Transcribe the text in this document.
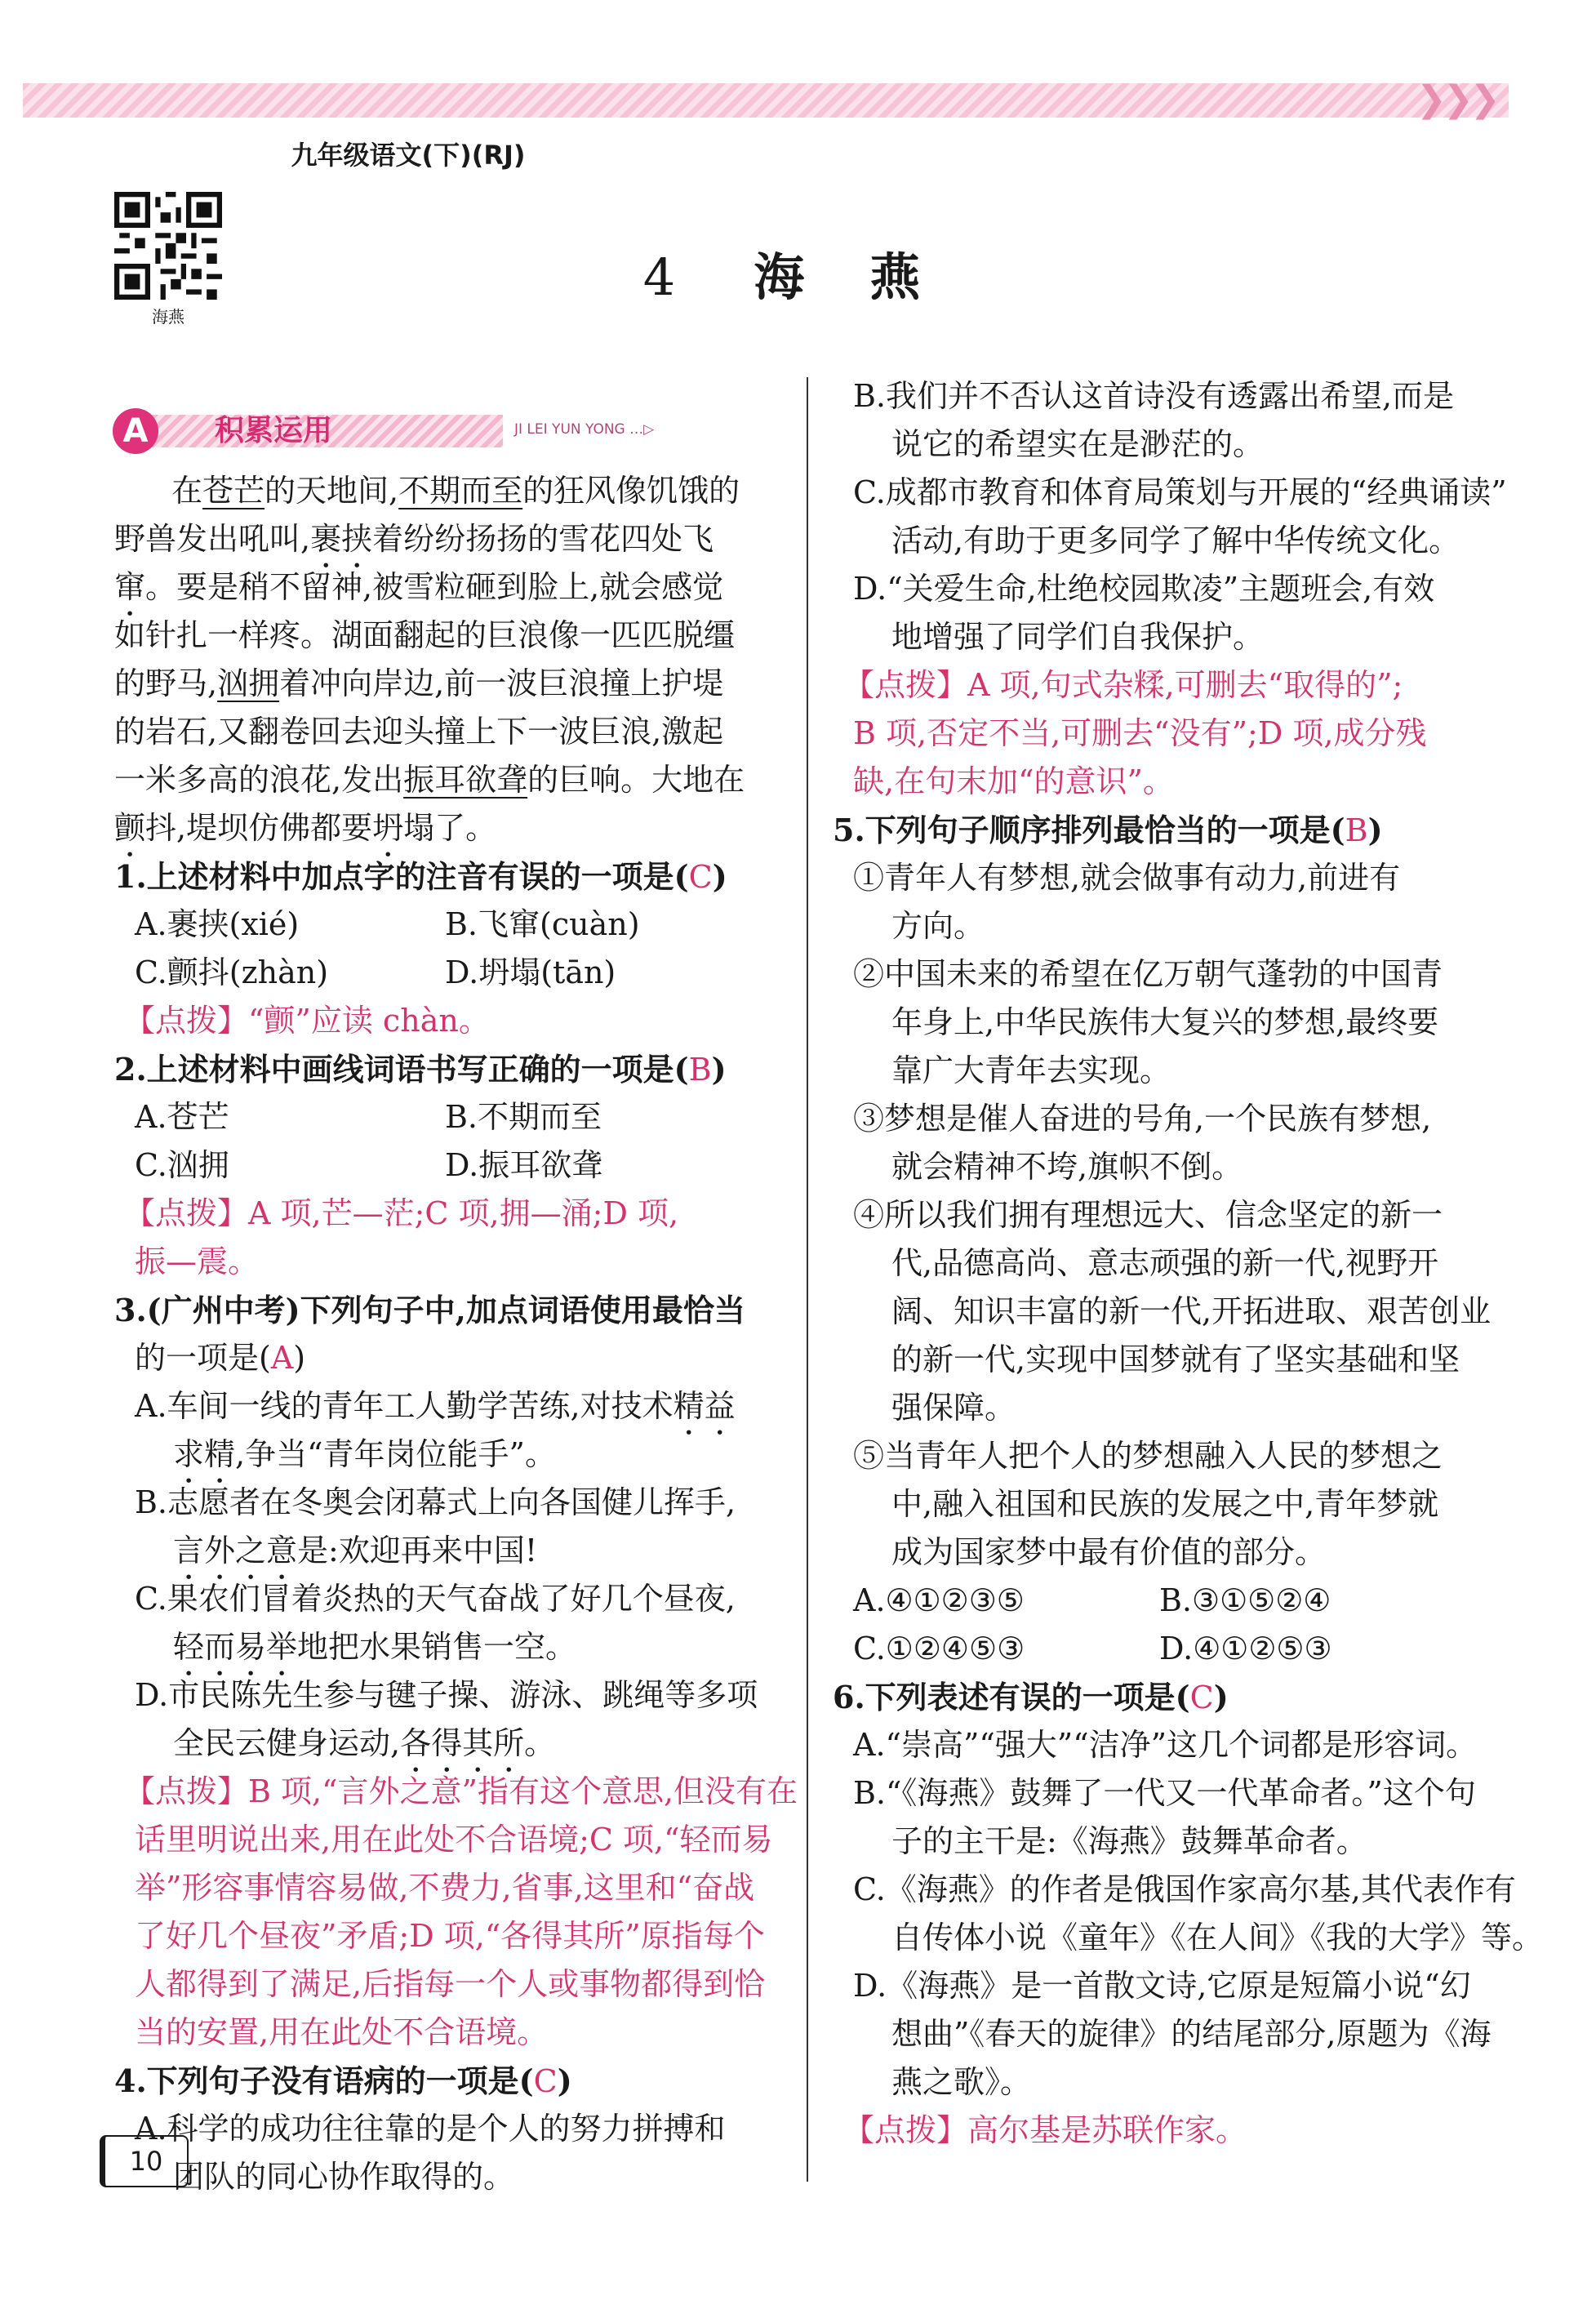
❯❯❯
九年级语文(下)(RJ)
海燕
4 海 燕
A	积累运用	JI LEI YUN YONG …▷
在苍芒的天地间,不期而至的狂风像饥饿的
野兽发出吼叫,裹挟着纷纷扬扬的雪花四处飞
窜。要是稍不留神,被雪粒砸到脸上,就会感觉
如针扎一样疼。湖面翻起的巨浪像一匹匹脱缰
的野马,汹拥着冲向岸边,前一波巨浪撞上护堤
的岩石,又翻卷回去迎头撞上下一波巨浪,激起
一米多高的浪花,发出振耳欲聋的巨响。大地在
颤抖,堤坝仿佛都要坍塌了。
1.上述材料中加点字的注音有误的一项是(C)
A.裹挟(xié)	B.飞窜(cuàn)
C.颤抖(zhàn)	D.坍塌(tān)
【点拨】“颤”应读 chàn。
2.上述材料中画线词语书写正确的一项是(B)
A.苍芒	B.不期而至
C.汹拥	D.振耳欲聋
【点拨】A 项,芒—茫;C 项,拥—涌;D 项,
振—震。
3.(广州中考)下列句子中,加点词语使用最恰当
的一项是(A)
A.车间一线的青年工人勤学苦练,对技术精益
求精,争当“青年岗位能手”。
B.志愿者在冬奥会闭幕式上向各国健儿挥手,
言外之意是:欢迎再来中国!
C.果农们冒着炎热的天气奋战了好几个昼夜,
轻而易举地把水果销售一空。
D.市民陈先生参与毽子操、游泳、跳绳等多项
全民云健身运动,各得其所。
【点拨】B 项,“言外之意”指有这个意思,但没有在
话里明说出来,用在此处不合语境;C 项,“轻而易
举”形容事情容易做,不费力,省事,这里和“奋战
了好几个昼夜”矛盾;D 项,“各得其所”原指每个
人都得到了满足,后指每一个人或事物都得到恰
当的安置,用在此处不合语境。
4.下列句子没有语病的一项是(C)
A.科学的成功往往靠的是个人的努力拼搏和
团队的同心协作取得的。
B.我们并不否认这首诗没有透露出希望,而是
说它的希望实在是渺茫的。
C.成都市教育和体育局策划与开展的“经典诵读”
活动,有助于更多同学了解中华传统文化。
D.“关爱生命,杜绝校园欺凌”主题班会,有效
地增强了同学们自我保护。
【点拨】A 项,句式杂糅,可删去“取得的”;
B 项,否定不当,可删去“没有”;D 项,成分残
缺,在句末加“的意识”。
5.下列句子顺序排列最恰当的一项是(B)
①青年人有梦想,就会做事有动力,前进有
方向。
②中国未来的希望在亿万朝气蓬勃的中国青
年身上,中华民族伟大复兴的梦想,最终要
靠广大青年去实现。
③梦想是催人奋进的号角,一个民族有梦想,
就会精神不垮,旗帜不倒。
④所以我们拥有理想远大、信念坚定的新一
代,品德高尚、意志顽强的新一代,视野开
阔、知识丰富的新一代,开拓进取、艰苦创业
的新一代,实现中国梦就有了坚实基础和坚
强保障。
⑤当青年人把个人的梦想融入人民的梦想之
中,融入祖国和民族的发展之中,青年梦就
成为国家梦中最有价值的部分。
A.④①②③⑤	B.③①⑤②④
C.①②④⑤③	D.④①②⑤③
6.下列表述有误的一项是(C)
A.“崇高”“强大”“洁净”这几个词都是形容词。
B.“《海燕》鼓舞了一代又一代革命者。”这个句
子的主干是:《海燕》鼓舞革命者。
C.《海燕》的作者是俄国作家高尔基,其代表作有
自传体小说《童年》《在人间》《我的大学》等。
D.《海燕》是一首散文诗,它原是短篇小说“幻
想曲”《春天的旋律》的结尾部分,原题为《海
燕之歌》。
【点拨】高尔基是苏联作家。
10
